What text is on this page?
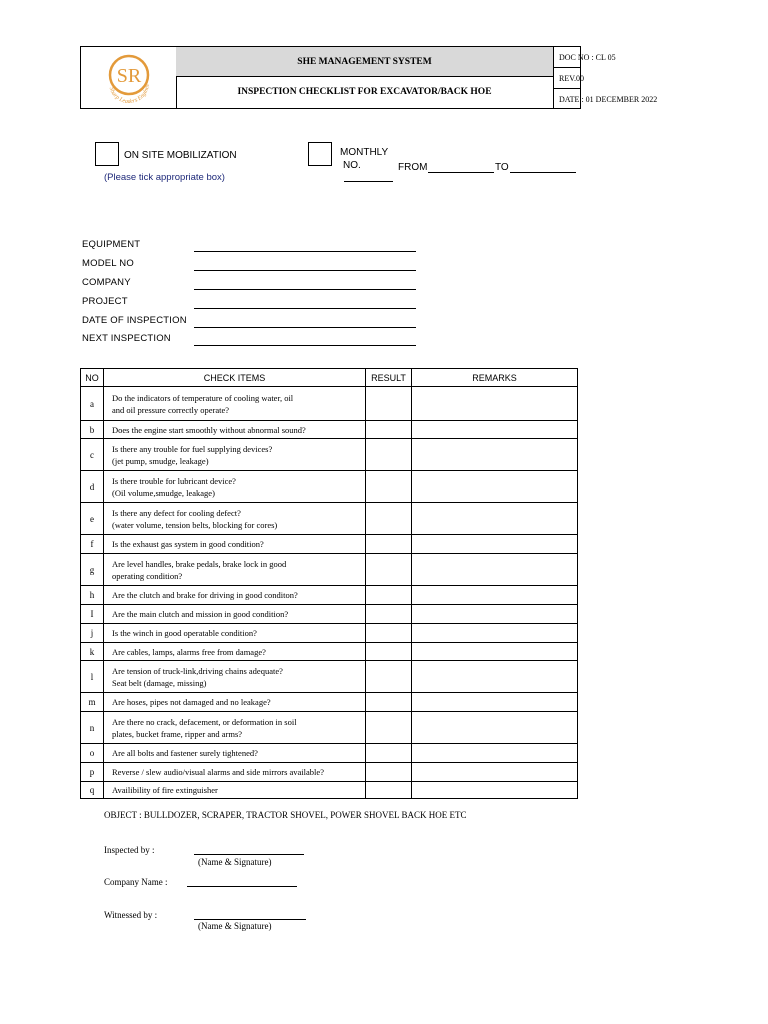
SR
Sharp Leaders Enginee
SHE MANAGEMENT SYSTEM
INSPECTION CHECKLIST FOR EXCAVATOR/BACK HOE
DOC NO : CL 05
REV.00
DATE : 01 DECEMBER 2022
ON SITE MOBILIZATION
(Please tick appropriate box)
MONTHLY
NO.	FROM	TO
EQUIPMENT
MODEL NO
COMPANY
PROJECT
DATE OF INSPECTION
NEXT INSPECTION
NO	CHECK ITEMS	RESULT	REMARKS
a	Do the indicators of temperature of cooling water, oil
and oil pressure correctly operate?		

b	Does the engine start smoothly without abnormal sound?		

c	Is there any trouble for fuel supplying devices?
(jet pump, smudge, leakage)		

d	Is there trouble for lubricant device?
(Oil volume,smudge, leakage)		

e	Is there any defect for cooling defect?
(water volume, tension belts, blocking for cores)		

f	Is the exhaust gas system in good condition?		

g	Are level handles, brake pedals, brake lock in good
operating condition?		

h	Are the clutch and brake for driving in good conditon?		

I	Are the main clutch and mission in good condition?		

j	Is the winch in good operatable condition?		

k	Are cables, lamps, alarms free from damage?		

l	Are tension of truck-link,driving chains adequate?
Seat belt (damage, missing)		

m	Are hoses, pipes not damaged and no leakage?		

n	Are there no crack, defacement, or deformation in soil
plates, bucket frame, ripper and arms?		

o	Are all bolts and fastener surely tightened?		

p	Reverse / slew audio/visual alarms and side mirrors available?		

q	Availibility of fire extinguisher		

OBJECT : BULLDOZER, SCRAPER, TRACTOR SHOVEL, POWER SHOVEL BACK HOE ETC
Inspected by :
(Name & Signature)
Company Name :
Witnessed by :
(Name & Signature)
